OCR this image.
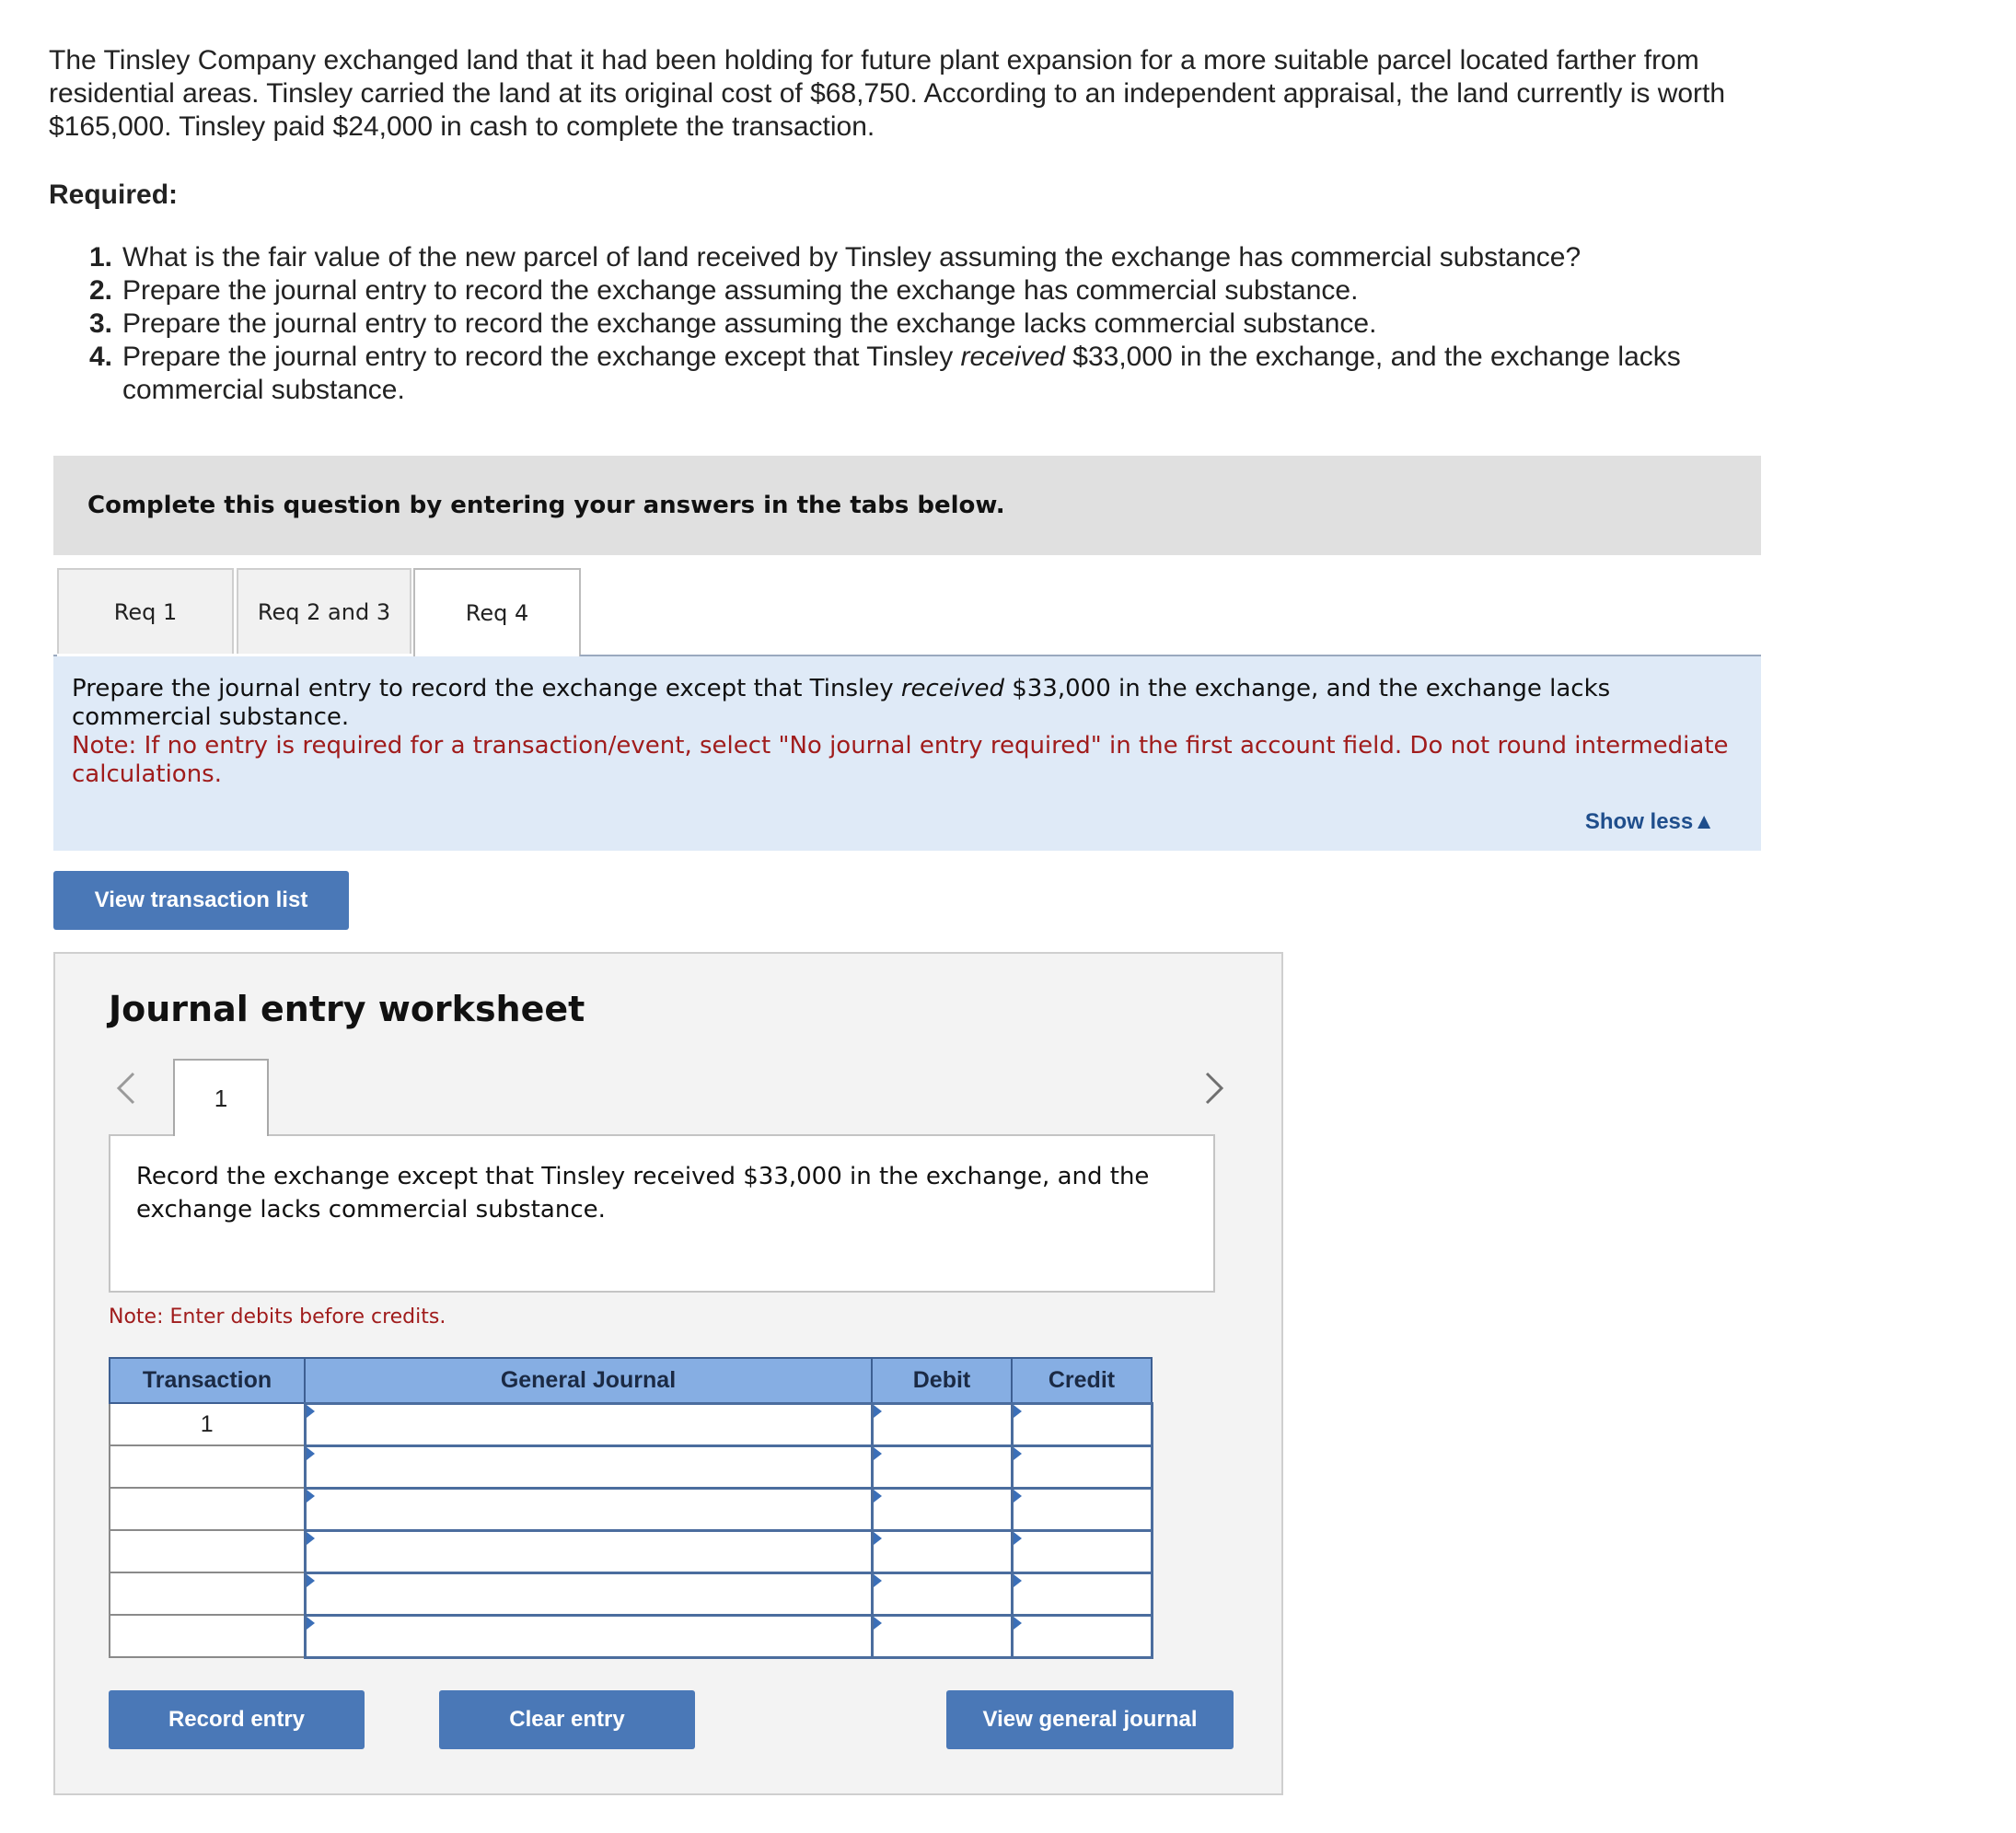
The Tinsley Company exchanged land that it had been holding for future plant expansion for a more suitable parcel located farther from residential areas. Tinsley carried the land at its original cost of $68,750. According to an independent appraisal, the land currently is worth $165,000. Tinsley paid $24,000 in cash to complete the transaction.
Required:
1. What is the fair value of the new parcel of land received by Tinsley assuming the exchange has commercial substance?
2. Prepare the journal entry to record the exchange assuming the exchange has commercial substance.
3. Prepare the journal entry to record the exchange assuming the exchange lacks commercial substance.
4. Prepare the journal entry to record the exchange except that Tinsley received $33,000 in the exchange, and the exchange lacks commercial substance.
Complete this question by entering your answers in the tabs below.
Req 1	Req 2 and 3	Req 4
Prepare the journal entry to record the exchange except that Tinsley received $33,000 in the exchange, and the exchange lacks commercial substance.
Note: If no entry is required for a transaction/event, select "No journal entry required" in the first account field. Do not round intermediate calculations.
Show less▲
View transaction list
Journal entry worksheet
1
Record the exchange except that Tinsley received $33,000 in the exchange, and the exchange lacks commercial substance.
Note: Enter debits before credits.
Transaction	General Journal	Debit	Credit
1			

Record entry	Clear entry	View general journal
